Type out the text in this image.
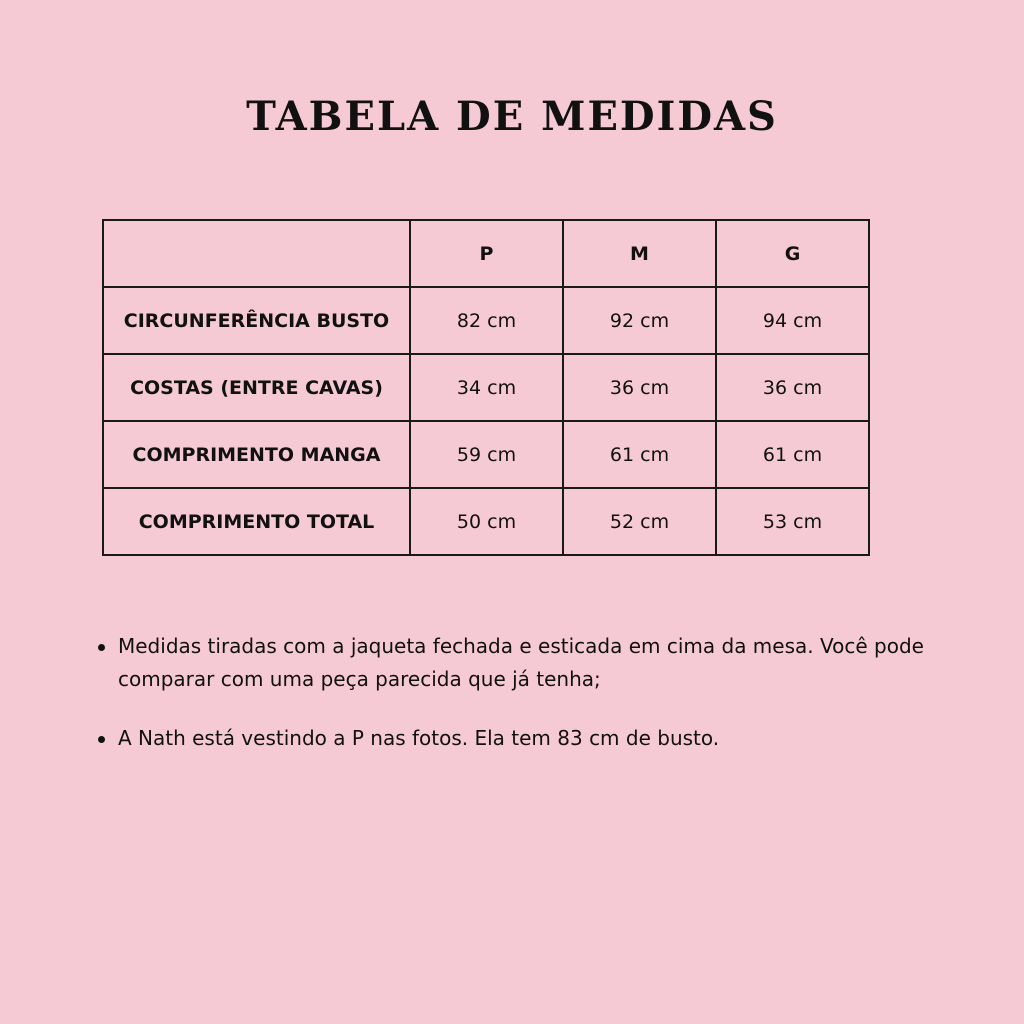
TABELA DE MEDIDAS
	P	M	G
CIRCUNFERÊNCIA BUSTO	82 cm	92 cm	94 cm
COSTAS (ENTRE CAVAS)	34 cm	36 cm	36 cm
COMPRIMENTO MANGA	59 cm	61 cm	61 cm
COMPRIMENTO TOTAL	50 cm	52 cm	53 cm
Medidas tiradas com a jaqueta fechada e esticada em cima da mesa. Você pode comparar com uma peça parecida que já tenha;
A Nath está vestindo a P nas fotos. Ela tem 83 cm de busto.
